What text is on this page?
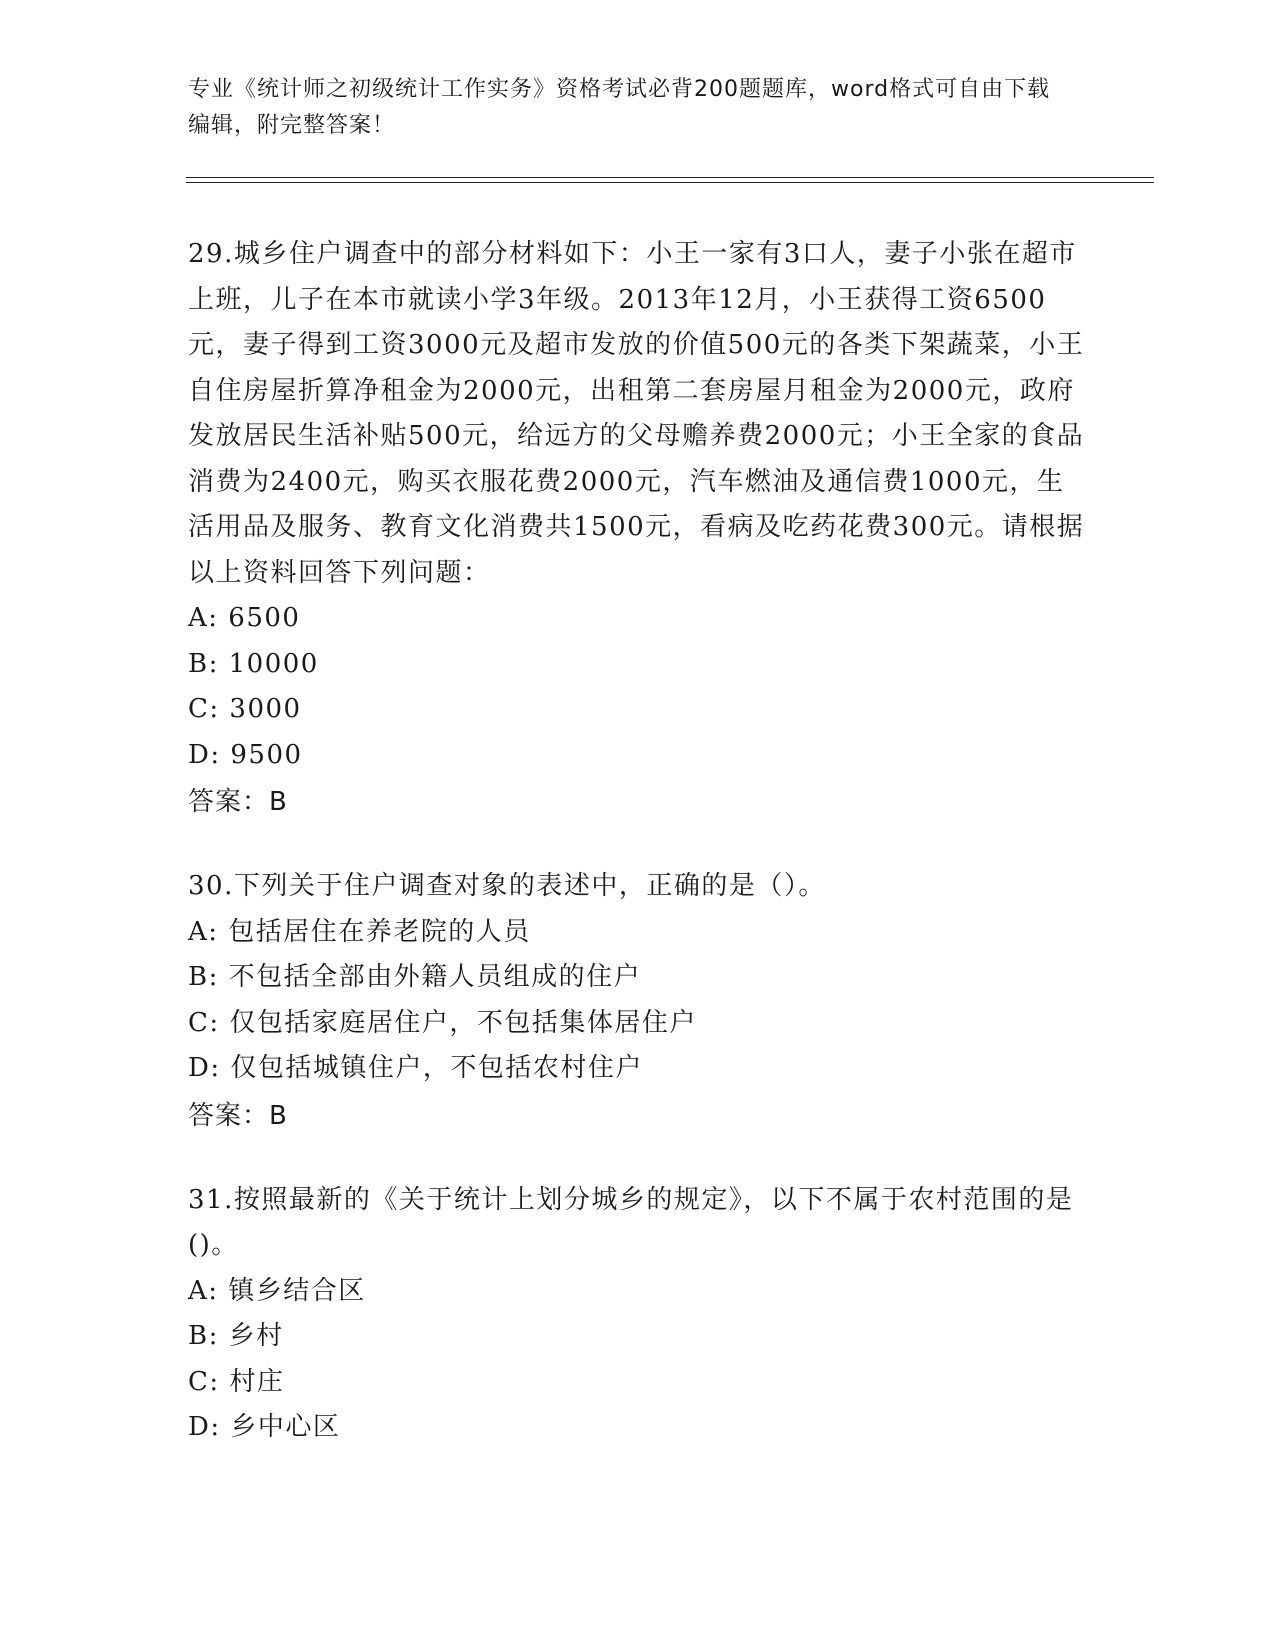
专业《统计师之初级统计工作实务》资格考试必背200题题库，word格式可自由下载编辑，附完整答案！

29.城乡住户调查中的部分材料如下：小王一家有3口人，妻子小张在超市上班，儿子在本市就读小学3年级。2013年12月，小王获得工资6500元，妻子得到工资3000元及超市发放的价值500元的各类下架蔬菜，小王自住房屋折算净租金为2000元，出租第二套房屋月租金为2000元，政府发放居民生活补贴500元，给远方的父母赡养费2000元；小王全家的食品消费为2400元，购买衣服花费2000元，汽车燃油及通信费1000元，生活用品及服务、教育文化消费共1500元，看病及吃药花费300元。请根据以上资料回答下列问题：

A: 6500

B: 10000

C: 3000

D: 9500

答案：B

30.下列关于住户调查对象的表述中，正确的是（）。

A: 包括居住在养老院的人员

B: 不包括全部由外籍人员组成的住户

C: 仅包括家庭居住户，不包括集体居住户

D: 仅包括城镇住户，不包括农村住户

答案：B

31.按照最新的《关于统计上划分城乡的规定》，以下不属于农村范围的是()。

A: 镇乡结合区

B: 乡村

C: 村庄

D: 乡中心区
